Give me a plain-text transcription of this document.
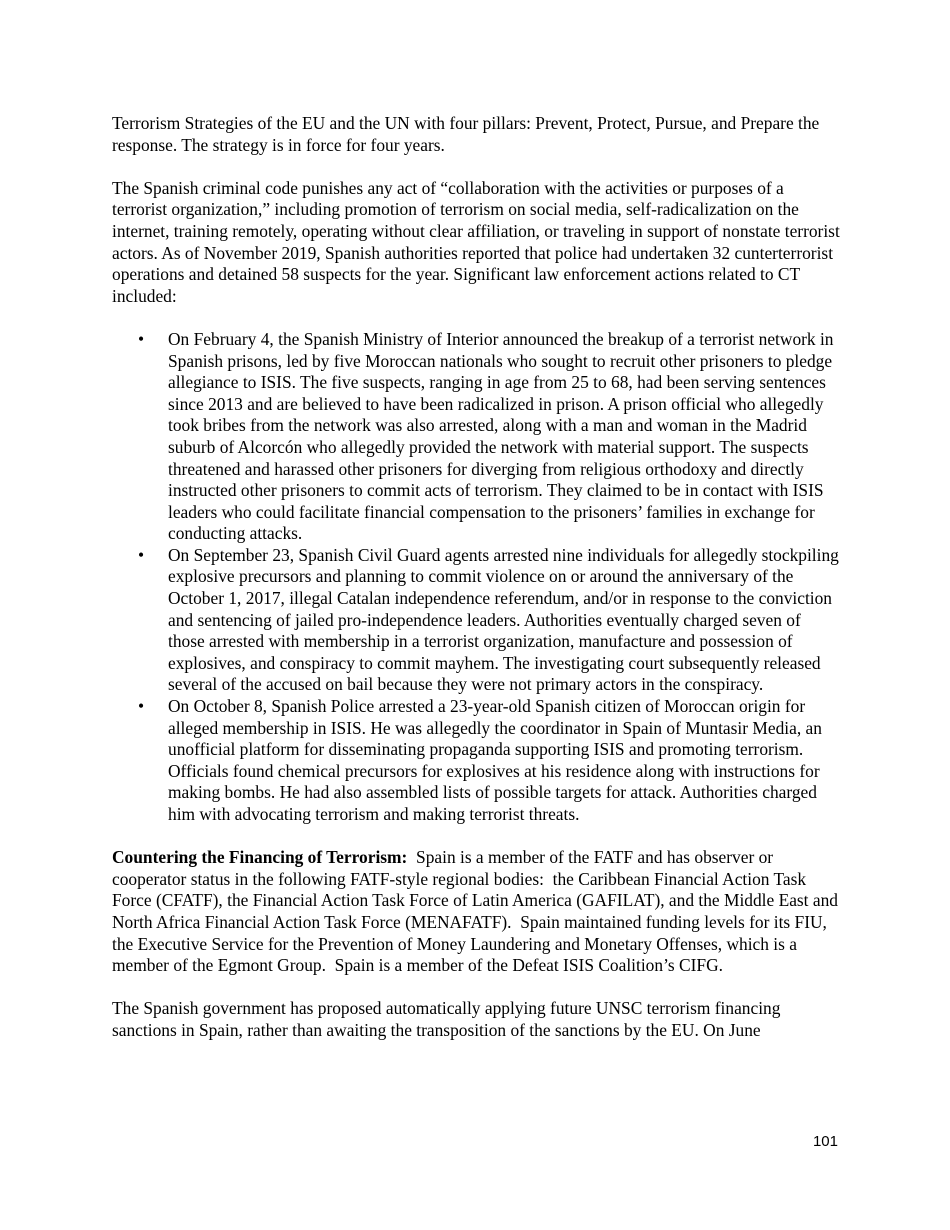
Terrorism Strategies of the EU and the UN with four pillars: Prevent, Protect, Pursue, and Prepare the response. The strategy is in force for four years.

The Spanish criminal code punishes any act of “collaboration with the activities or purposes of a terrorist organization,” including promotion of terrorism on social media, self-radicalization on the internet, training remotely, operating without clear affiliation, or traveling in support of nonstate terrorist actors. As of November 2019, Spanish authorities reported that police had undertaken 32 cunterterrorist operations and detained 58 suspects for the year. Significant law enforcement actions related to CT included:

• On February 4, the Spanish Ministry of Interior announced the breakup of a terrorist network in Spanish prisons, led by five Moroccan nationals who sought to recruit other prisoners to pledge allegiance to ISIS. The five suspects, ranging in age from 25 to 68, had been serving sentences since 2013 and are believed to have been radicalized in prison. A prison official who allegedly took bribes from the network was also arrested, along with a man and woman in the Madrid suburb of Alcorcón who allegedly provided the network with material support. The suspects threatened and harassed other prisoners for diverging from religious orthodoxy and directly instructed other prisoners to commit acts of terrorism. They claimed to be in contact with ISIS leaders who could facilitate financial compensation to the prisoners’ families in exchange for conducting attacks.
• On September 23, Spanish Civil Guard agents arrested nine individuals for allegedly stockpiling explosive precursors and planning to commit violence on or around the anniversary of the October 1, 2017, illegal Catalan independence referendum, and/or in response to the conviction and sentencing of jailed pro-independence leaders. Authorities eventually charged seven of those arrested with membership in a terrorist organization, manufacture and possession of explosives, and conspiracy to commit mayhem. The investigating court subsequently released several of the accused on bail because they were not primary actors in the conspiracy.
• On October 8, Spanish Police arrested a 23-year-old Spanish citizen of Moroccan origin for alleged membership in ISIS. He was allegedly the coordinator in Spain of Muntasir Media, an unofficial platform for disseminating propaganda supporting ISIS and promoting terrorism. Officials found chemical precursors for explosives at his residence along with instructions for making bombs. He had also assembled lists of possible targets for attack. Authorities charged him with advocating terrorism and making terrorist threats.

Countering the Financing of Terrorism:  Spain is a member of the FATF and has observer or cooperator status in the following FATF-style regional bodies:  the Caribbean Financial Action Task Force (CFATF), the Financial Action Task Force of Latin America (GAFILAT), and the Middle East and North Africa Financial Action Task Force (MENAFATF).  Spain maintained funding levels for its FIU, the Executive Service for the Prevention of Money Laundering and Monetary Offenses, which is a member of the Egmont Group.  Spain is a member of the Defeat ISIS Coalition’s CIFG.

The Spanish government has proposed automatically applying future UNSC terrorism financing sanctions in Spain, rather than awaiting the transposition of the sanctions by the EU. On June

101
